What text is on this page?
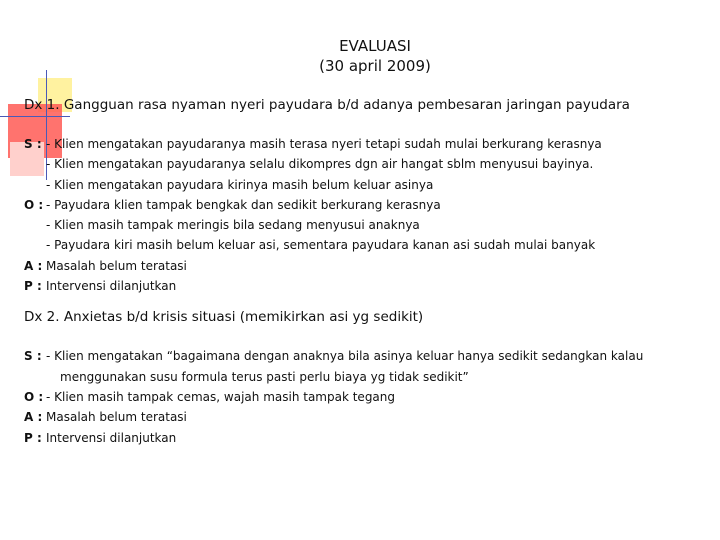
EVALUASI
(30 april 2009)
Dx 1. Gangguan rasa nyaman nyeri payudara b/d adanya pembesaran jaringan payudara
S : - Klien mengatakan payudaranya masih terasa nyeri tetapi sudah mulai berkurang kerasnya
- Klien mengatakan payudaranya selalu dikompres dgn air hangat sblm menyusui bayinya.
- Klien mengatakan payudara kirinya masih belum keluar asinya
O : - Payudara klien tampak bengkak dan sedikit berkurang kerasnya
- Klien masih tampak meringis bila sedang menyusui anaknya
- Payudara kiri masih belum keluar asi, sementara payudara kanan asi sudah mulai banyak
A : Masalah belum teratasi
P : Intervensi dilanjutkan
Dx 2. Anxietas b/d krisis situasi (memikirkan asi yg sedikit)
S : - Klien mengatakan “bagaimana dengan anaknya bila asinya keluar hanya sedikit sedangkan kalau
menggunakan susu formula terus pasti perlu biaya yg tidak sedikit”
O : - Klien masih tampak cemas, wajah masih tampak tegang
A : Masalah belum teratasi
P : Intervensi dilanjutkan
